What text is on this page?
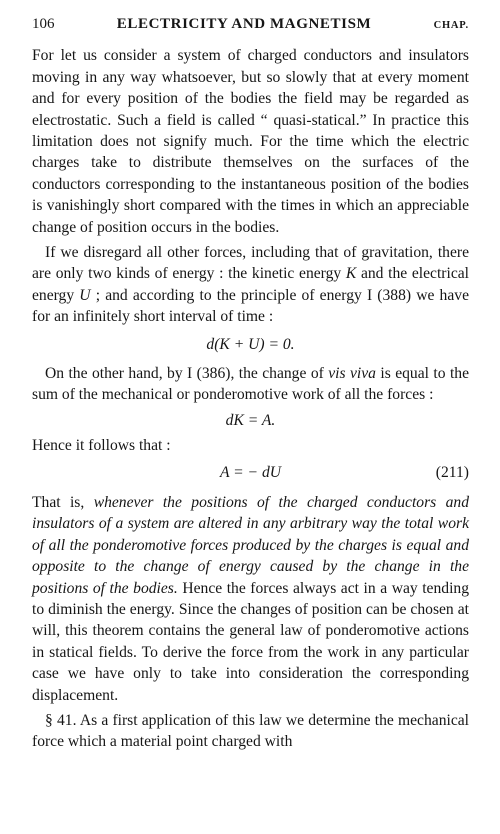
106	ELECTRICITY AND MAGNETISM	CHAP.

For let us consider a system of charged conductors and insulators moving in any way whatsoever, but so slowly that at every moment and for every position of the bodies the field may be regarded as electrostatic. Such a field is called “ quasi-statical.” In practice this limitation does not signify much. For the time which the electric charges take to distribute themselves on the surfaces of the conductors corresponding to the instantaneous position of the bodies is vanishingly short compared with the times in which an appreciable change of position occurs in the bodies.

If we disregard all other forces, including that of gravitation, there are only two kinds of energy : the kinetic energy K and the electrical energy U ; and according to the principle of energy I (388) we have for an infinitely short interval of time :

d(K + U) = 0.

On the other hand, by I (386), the change of vis viva is equal to the sum of the mechanical or ponderomotive work of all the forces :

dK = A.

Hence it follows that :

A = − dU	(211)

That is, whenever the positions of the charged conductors and insulators of a system are altered in any arbitrary way the total work of all the ponderomotive forces produced by the charges is equal and opposite to the change of energy caused by the change in the positions of the bodies. Hence the forces always act in a way tending to diminish the energy. Since the changes of position can be chosen at will, this theorem contains the general law of ponderomotive actions in statical fields. To derive the force from the work in any particular case we have only to take into consideration the corresponding displacement.

§ 41. As a first application of this law we determine the mechanical force which a material point charged with
